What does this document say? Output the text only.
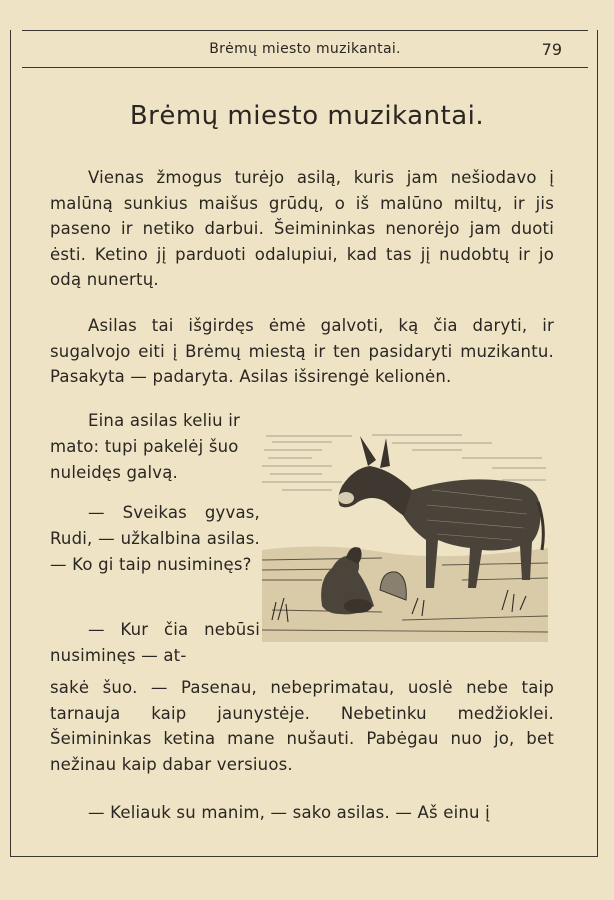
Brėmų miesto muzikantai.	79
Brėmų miesto muzikantai.
Vienas žmogus turėjo asilą, kuris jam nešiodavo į malūną sunkius maišus grūdų, o iš malūno miltų, ir jis paseno ir netiko darbui. Šeimininkas nenorėjo jam duoti ėsti. Ketino jį parduoti odalupiui, kad tas jį nudobtų ir jo odą nunertų.
Asilas tai išgirdęs ėmė galvoti, ką čia daryti, ir sugalvojo eiti į Brėmų miestą ir ten pasidaryti muzikantu. Pasakyta — padaryta. Asilas išsirengė kelionėn.
Eina asilas keliu ir mato: tupi pakelėj šuo nuleidęs galvą.
— Sveikas gyvas, Rudi, — užkalbina asilas. — Ko gi taip nusiminęs?
— Kur čia nebūsi nusiminęs — at-
sakė šuo. — Pasenau, nebeprimatau, uoslė nebe taip tarnauja kaip jaunystėje. Nebetinku medžioklei. Šeimininkas ketina mane nušauti. Pabėgau nuo jo, bet nežinau kaip dabar versiuos.
— Keliauk su manim, — sako asilas. — Aš einu į
